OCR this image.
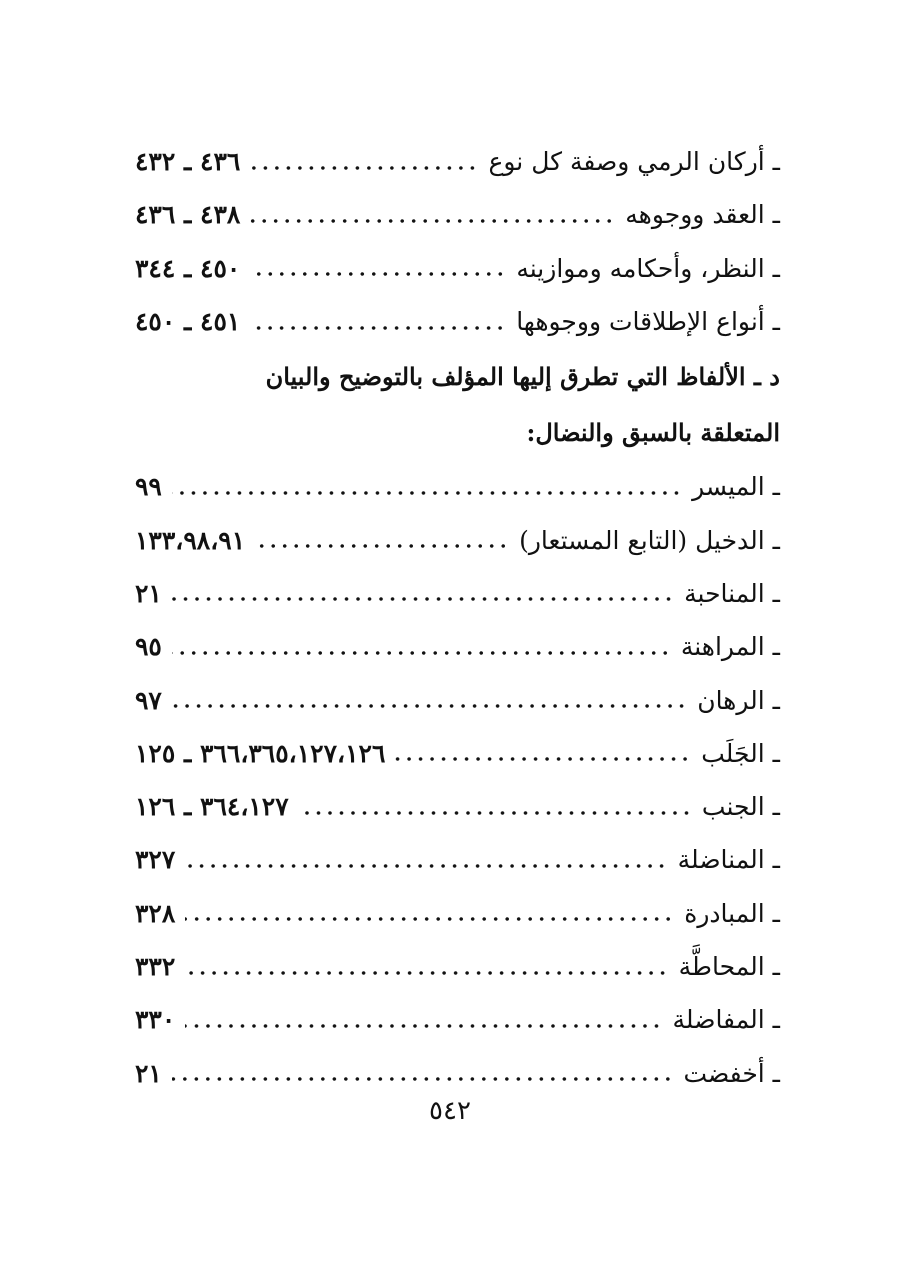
ـ أركان الرمي وصفة كل نوع
٤٣٦ ـ ٤٣٢
ـ العقد ووجوهه
٤٣٨ ـ ٤٣٦
ـ النظر، وأحكامه وموازينه
٤٥٠ ـ ٣٤٤
ـ أنواع الإطلاقات ووجوهها
٤٥١ ـ ٤٥٠
د ـ الألفاظ التي تطرق إليها المؤلف بالتوضيح والبيان
المتعلقة بالسبق والنضال:
ـ الميسر
٩٩
ـ الدخيل (التابع المستعار)
١٣٣،٩٨،٩١
ـ المناحبة
٢١
ـ المراهنة
٩٥
ـ الرهان
٩٧
ـ الجَلَب
٣٦٦،٣٦٥،١٢٧،١٢٦ ـ ١٢٥
ـ الجنب
٣٦٤،١٢٧ ـ ١٢٦
ـ المناضلة
٣٢٧
ـ المبادرة
٣٢٨
ـ المحاطَّة
٣٣٢
ـ المفاضلة
٣٣٠
ـ أخفضت
٢١
٥٤٢
